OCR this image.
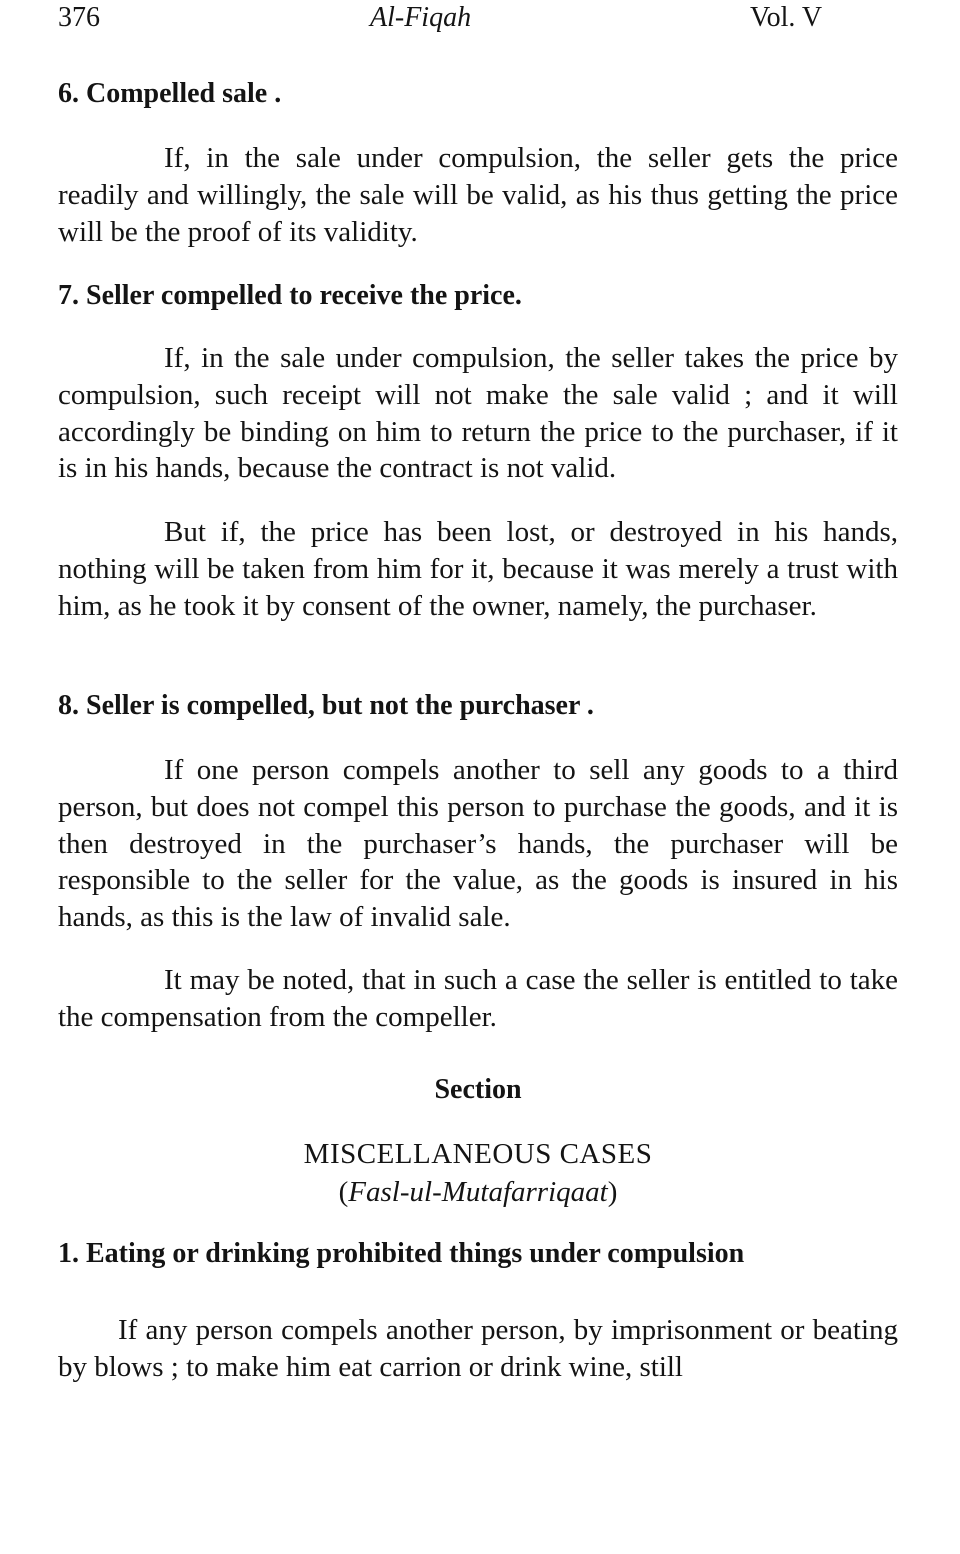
376	Al-Fiqah	Vol. V
6. Compelled sale .

If, in the sale under compulsion, the seller gets the price readily and willingly, the sale will be valid, as his thus getting the price will be the proof of its validity.

7. Seller compelled to receive the price.

If, in the sale under compulsion, the seller takes the price by compulsion, such receipt will not make the sale valid ; and it will accordingly be binding on him to return the price to the purchaser, if it is in his hands, because the contract is not valid.

But if, the price has been lost, or destroyed in his hands, nothing will be taken from him for it, because it was merely a trust with him, as he took it by consent of the owner, namely, the purchaser.

8. Seller is compelled, but not the purchaser .

If one person compels another to sell any goods to a third person, but does not compel this person to purchase the goods, and it is then destroyed in the purchaser’s hands, the purchaser will be responsible to the seller for the value, as the goods is insured in his hands, as this is the law of invalid sale.

It may be noted, that in such a case the seller is entitled to take the compensation from the compeller.

Section
MISCELLANEOUS CASES
(Fasl-ul-Mutafarriqaat)
1. Eating or drinking prohibited things under compulsion

If any person compels another person, by imprisonment or beating by blows ; to make him eat carrion or drink wine, still
